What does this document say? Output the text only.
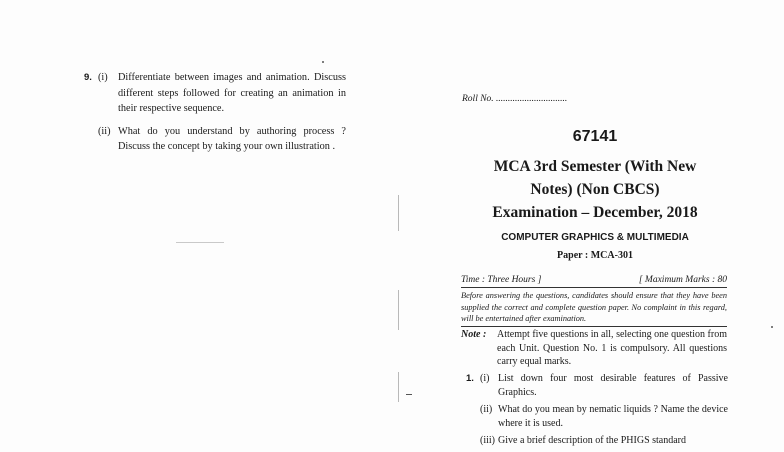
9. (i) Differentiate between images and animation. Discuss different steps followed for creating an animation in their respective sequence.
(ii) What do you understand by authoring process ? Discuss the concept by taking your own illustration .
Roll No. ..............................
67141
MCA 3rd Semester (With New
Notes) (Non CBCS)
Examination – December, 2018
COMPUTER GRAPHICS & MULTIMEDIA
Paper : MCA-301
Time : Three Hours ]	[ Maximum Marks : 80
Before answering the questions, candidates should ensure that they have been supplied the correct and complete question paper. No complaint in this regard, will be entertained after examination.
Note :	Attempt five questions in all, selecting one question from each Unit. Question No. 1 is compulsory. All questions carry equal marks.
1. (i) List down four most desirable features of Passive Graphics.
(ii) What do you mean by nematic liquids ? Name the device where it is used.
(iii) Give a brief description of the PHIGS standard
